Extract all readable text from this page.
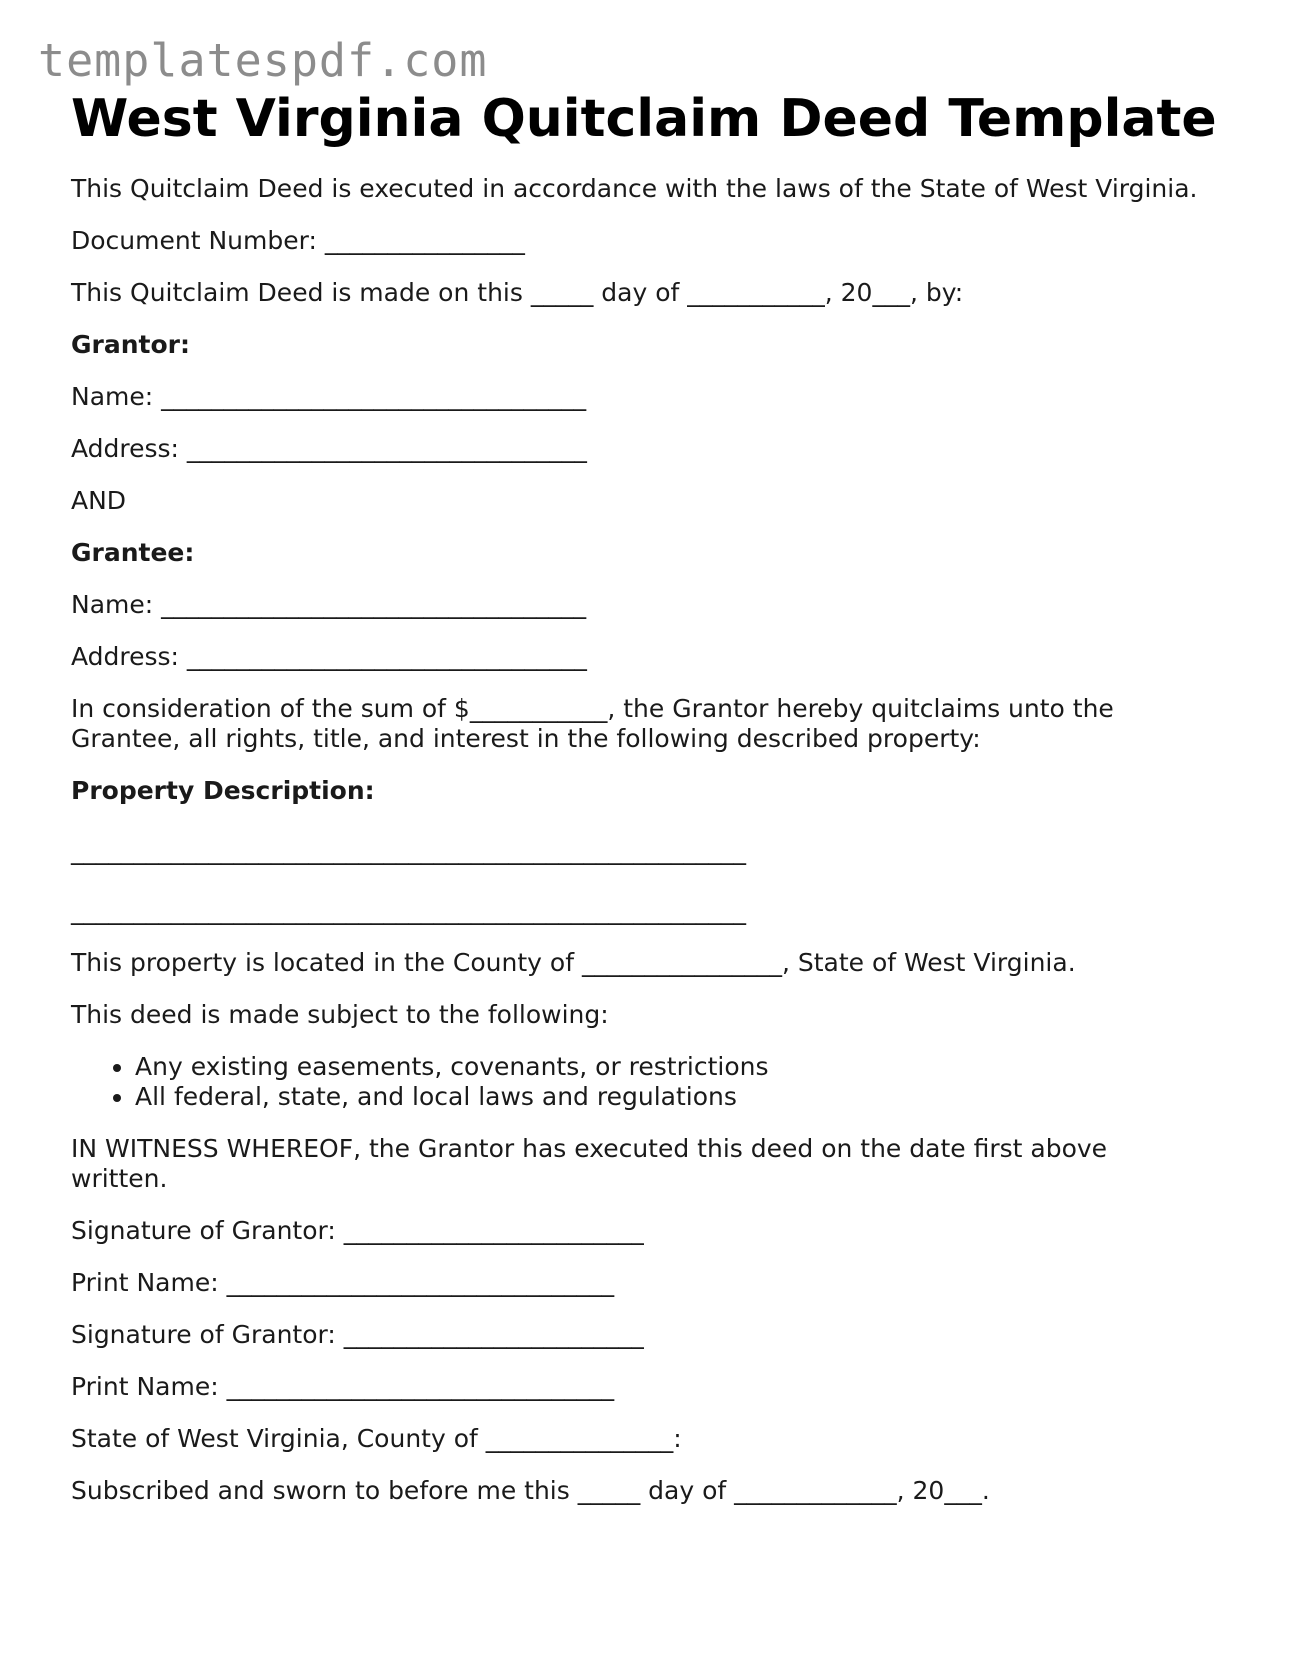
templatespdf.com
West Virginia Quitclaim Deed Template

This Quitclaim Deed is executed in accordance with the laws of the State of West Virginia.

Document Number: ________________

This Quitclaim Deed is made on this _____ day of ___________, 20___, by:

Grantor:

Name: __________________________________

Address: ________________________________

AND

Grantee:

Name: __________________________________

Address: ________________________________

In consideration of the sum of $___________, the Grantor hereby quitclaims unto the Grantee, all rights, title, and interest in the following described property:

Property Description:

______________________________________________________

______________________________________________________

This property is located in the County of ________________, State of West Virginia.

This deed is made subject to the following:

• Any existing easements, covenants, or restrictions
• All federal, state, and local laws and regulations

IN WITNESS WHEREOF, the Grantor has executed this deed on the date first above written.

Signature of Grantor: ________________________

Print Name: _______________________________

Signature of Grantor: ________________________

Print Name: _______________________________

State of West Virginia, County of _______________:

Subscribed and sworn to before me this _____ day of _____________, 20___.
